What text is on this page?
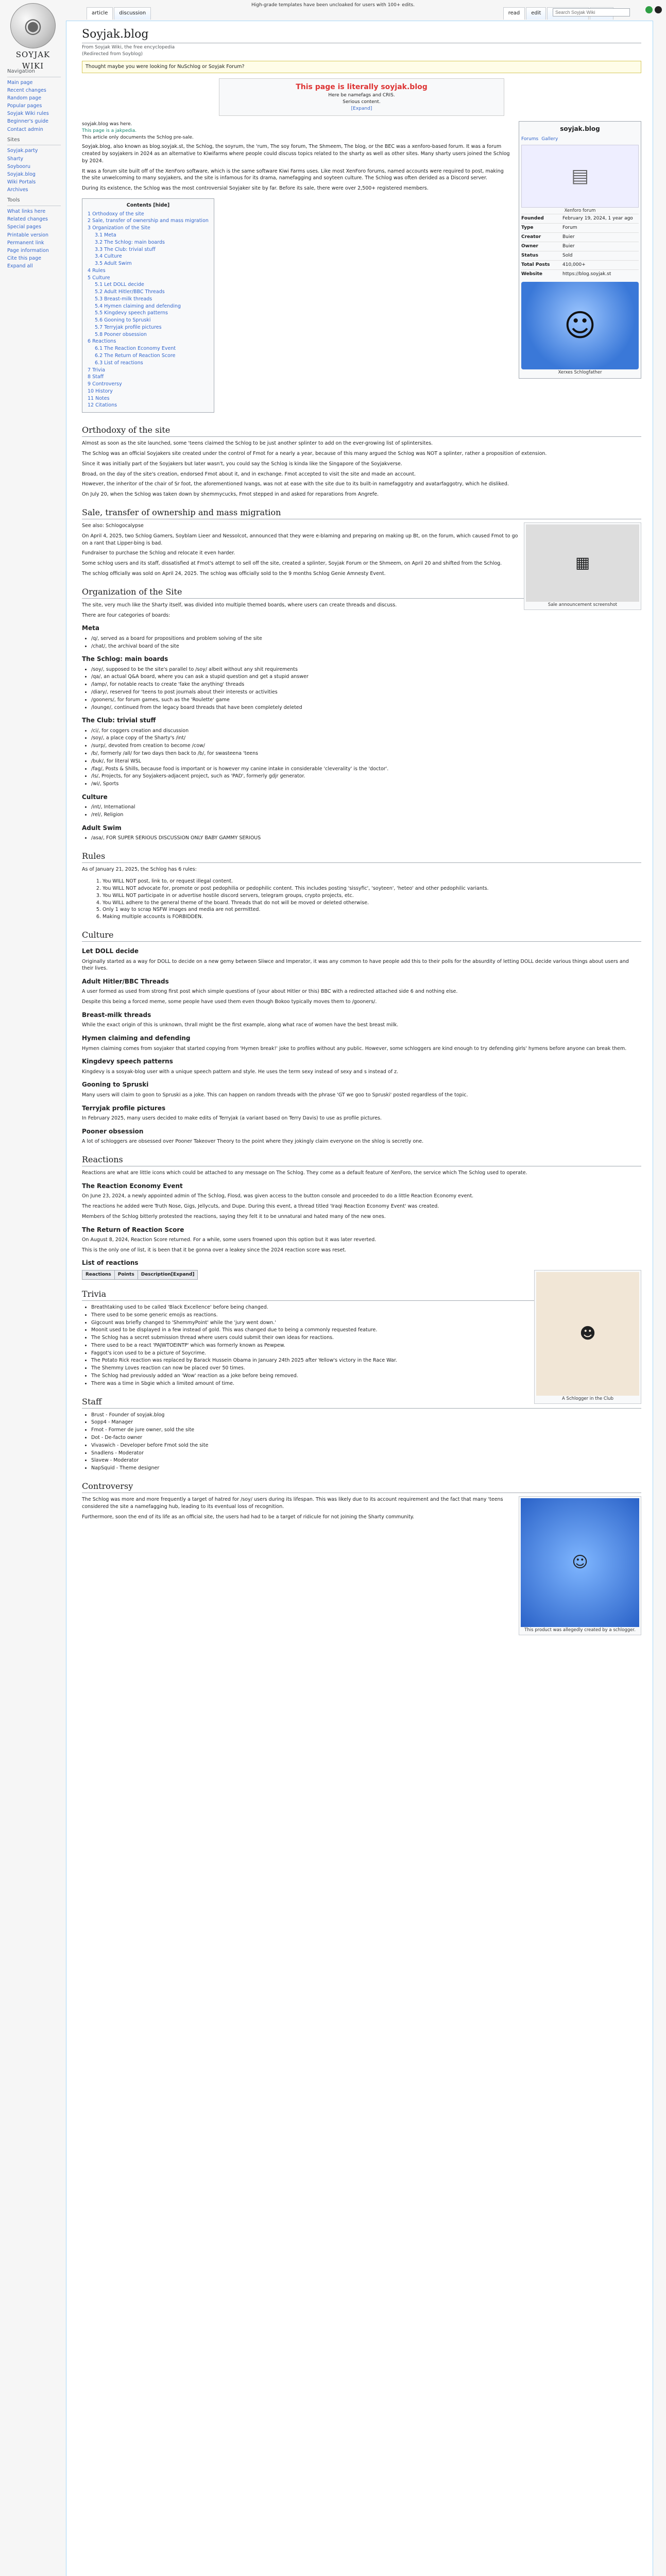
◉
SOYJAK WIKI
Navigation
Main page
Recent changes
Random page
Popular pages
Soyjak Wiki rules
Beginner's guide
Contact admin
Sites
Soyjak.party
Sharty
Soybooru
Soyjak.blog
Wiki Portals
Archives
Tools
What links here
Related changes
Special pages
Printable version
Permanent link
Page information
Cite this page
Expand all
High-grade templates have been uncloaked for users with 100+ edits.
article	discussion	read	edit
Search Soyjak Wiki
Soyjak.blog
From Soyjak Wiki, the free encyclopedia
(Redirected from Soyblog)
Thought maybe you were looking for NuSchlog or Soyjak Forum?
This page is literally soyjak.blog
Here be namefags and CRIS.
Serious content.
[Expand]
soyjak.blog
Forums Gallery
▤
Xenforo forum
Founded	February 19, 2024, 1 year ago
Type	Forum
Creator	Buier
Owner	Buier
Status	Sold
Total Posts	410,000+
Website	https://blog.soyjak.st
☺
Xerxes Schlogfather
soyjak.blog was here.
This page is a jakpedia.
This article only documents the Schlog pre-sale.

Soyjak.blog, also known as blog.soyjak.st, the Schlog, the soyrum, the 'rum, The soy forum, The Shmeem, The blog, or the BEC was a xenforo-based forum. It was a forum created by soyjakers in 2024 as an alternative to Kiwifarms where people could discuss topics related to the sharty as well as other sites. Many sharty users joined the Schlog by 2024.

It was a forum site built off of the XenForo software, which is the same software Kiwi Farms uses. Like most XenForo forums, named accounts were required to post, making the site unwelcoming to many soyjakers, and the site is infamous for its drama, namefagging and soyteen culture. The Schlog was often derided as a Discord server.

During its existence, the Schlog was the most controversial Soyjaker site by far. Before its sale, there were over 2,500+ registered members.

Contents [hide]
1 Orthodoxy of the site
2 Sale, transfer of ownership and mass migration
3 Organization of the Site
3.1 Meta
3.2 The Schlog: main boards
3.3 The Club: trivial stuff
3.4 Culture
3.5 Adult Swim
4 Rules
5 Culture
5.1 Let DOLL decide
5.2 Adult Hitler/BBC Threads
5.3 Breast-milk threads
5.4 Hymen claiming and defending
5.5 Kingdevy speech patterns
5.6 Gooning to Spruski
5.7 Terryjak profile pictures
5.8 Pooner obsession
6 Reactions
6.1 The Reaction Economy Event
6.2 The Return of Reaction Score
6.3 List of reactions
7 Trivia
8 Staff
9 Controversy
10 History
11 Notes
12 Citations
Orthodoxy of the site

Almost as soon as the site launched, some 'teens claimed the Schlog to be just another splinter to add on the ever-growing list of splintersites.

The Schlog was an official Soyjakers site created under the control of Fmot for a nearly a year, because of this many argued the Schlog was NOT a splinter, rather a proposition of extension.

Since it was initially part of the Soyjakers but later wasn't, you could say the Schlog is kinda like the Singapore of the Soyjakverse.

Broad, on the day of the site's creation, endorsed Fmot about it, and in exchange. Fmot accepted to visit the site and made an account.

However, the inheritor of the chair of Sr foot, the aforementioned Ivangs, was not at ease with the site due to its built-in namefaggotry and avatarfaggotry, which he disliked.

On July 20, when the Schlog was taken down by shemmycucks, Fmot stepped in and asked for reparations from Angrefe.

Sale, transfer of ownership and mass migration
▦
Sale announcement screenshot

See also: Schlogocalypse

On April 4, 2025, two Schlog Gamers, Soyblam Lieer and Nessolcot, announced that they were e-blaming and preparing on making up Bt, on the forum, which caused Fmot to go on a rant that Lipper-bing is bad.

Fundraiser to purchase the Schlog and relocate it even harder.

Some schlog users and its staff, dissatisfied at Fmot's attempt to sell off the site, created a splinter, Soyjak Forum or the Shmeem, on April 20 and shifted from the Schlog.

The schlog officially was sold on April 24, 2025. The schlog was officially sold to the 9 months Schlog Genie Amnesty Event.

Organization of the Site

The site, very much like the Sharty itself, was divided into multiple themed boards, where users can create threads and discuss.

There are four categories of boards:

Meta
• /q/, served as a board for propositions and problem solving of the site
• /chat/, the archival board of the site
The Schlog: main boards
• /soy/, supposed to be the site's parallel to /soy/ albeit without any shit requirements
• /qa/, an actual Q&A board, where you can ask a stupid question and get a stupid answer
• /lamp/, for notable reacts to create 'fake the anything' threads
• /diary/, reserved for 'teens to post journals about their interests or activities
• /gooners/, for forum games, such as the 'Roulette' game
• /lounge/, continued from the legacy board threads that have been completely deleted
The Club: trivial stuff
• /ci/, for coggers creation and discussion
• /soy/, a place copy of the Sharty's /int/
• /surp/, devoted from creation to become /cow/
• /b/, formerly /all/ for two days then back to /b/, for swasteena 'teens
• /buk/, for literal WSL
• /fag/, Posts & Shills, because food is important or is however my canine intake in considerable 'cleverality' is the 'doctor'.
• /ls/, Projects, for any Soyjakers-adjacent project, such as 'PAD', formerly gdjr generator.
• /wi/, Sports
Culture
• /int/, International
• /rel/, Religion
Adult Swim
• /asa/, FOR SUPER SERIOUS DISCUSSION ONLY BABY GAMMY SERIOUS
Rules

As of January 21, 2025, the Schlog has 6 rules:

1. You WILL NOT post, link to, or request illegal content.
2. You WILL NOT advocate for, promote or post pedophilia or pedophilic content. This includes posting 'sissyfic', 'soyteen', 'heteo' and other pedophilic variants.
3. You WILL NOT participate in or advertise hostile discord servers, telegram groups, crypto projects, etc.
4. You WILL adhere to the general theme of the board. Threads that do not will be moved or deleted otherwise.
5. Only 1 way to scrap NSFW images and media are not permitted.
6. Making multiple accounts is FORBIDDEN.
Culture
Let DOLL decide

Originally started as a way for DOLL to decide on a new gemy between Sliwce and Imperator, it was any common to have people add this to their polls for the absurdity of letting DOLL decide various things about users and their lives.

Adult Hitler/BBC Threads

A user formed as used from strong first post which simple questions of (your about Hitler or this) BBC with a redirected attached side 6 and nothing else.

Despite this being a forced meme, some people have used them even though Bokoo typically moves them to /gooners/.

Breast-milk threads

While the exact origin of this is unknown, thrall might be the first example, along what race of women have the best breast milk.

Hymen claiming and defending

Hymen claiming comes from soyjaker that started copying from 'Hymen break!' joke to profiles without any public. However, some schloggers are kind enough to try defending girls' hymens before anyone can break them.

Kingdevy speech patterns

Kingdevy is a sosyak-blog user with a unique speech pattern and style. He uses the term sexy instead of sexy and s instead of z.

Gooning to Spruski

Many users will claim to goon to Spruski as a joke. This can happen on random threads with the phrase 'GT we goo to Spruski' posted regardless of the topic.

Terryjak profile pictures

In February 2025, many users decided to make edits of Terryjak (a variant based on Terry Davis) to use as profile pictures.

Pooner obsession

A lot of schloggers are obsessed over Pooner Takeover Theory to the point where they jokingly claim everyone on the shlog is secretly one.

Reactions

Reactions are what are little icons which could be attached to any message on The Schlog. They come as a default feature of XenForo, the service which The Schlog used to operate.

The Reaction Economy Event

On June 23, 2024, a newly appointed admin of The Schlog, Flosd, was given access to the button console and proceeded to do a little Reaction Economy event.

The reactions he added were Truth Nose, Gigs, Jellycuts, and Dupe. During this event, a thread titled 'Iraqi Reaction Economy Event' was created.

Members of the Schlog bitterly protested the reactions, saying they felt it to be unnatural and hated many of the new ones.

The Return of Reaction Score

On August 8, 2024, Reaction Score returned. For a while, some users frowned upon this option but it was later reverted.

This is the only one of list, it is been that it be gonna over a leakey since the 2024 reaction score was reset.

List of reactions
☻
A Schlogger in the Club
Reactions	Points	Description[Expand]
Trivia
• Breathtaking used to be called 'Black Excellence' before being changed.
• There used to be some generic emojis as reactions.
• Gigcount was briefly changed to 'ShemmyPoint' while the 'jury went down.'
• Moonit used to be displayed in a few instead of gold. This was changed due to being a commonly requested feature.
• The Schlog has a secret submission thread where users could submit their own ideas for reactions.
• There used to be a react 'PAJWTOEINTP' which was formerly known as Pewpew.
• Faggot's icon used to be a picture of Soycrime.
• The Potato Rick reaction was replaced by Barack Hussein Obama in January 24th 2025 after Yellow's victory in the Race War.
• The Shemmy Loves reaction can now be placed over 50 times.
• The Schlog had previously added an 'Wow' reaction as a joke before being removed.
• There was a time in Sbgie which a limited amount of time.
Staff
• Brust - Founder of soyjak.blog
• Sopp4 - Manager
• Fmot - Former de jure owner, sold the site
• Dot - De-facto owner
• Vivaswich - Developer before Fmot sold the site
• Snadlens - Moderator
• Slavew - Moderator
• NapSquid - Theme designer
Controversy
☺
This product was allegedly created by a schlogger.

The Schlog was more and more frequently a target of hatred for /soy/ users during its lifespan. This was likely due to its account requirement and the fact that many 'teens considered the site a namefagging hub, leading to its eventual loss of recognition.

Furthermore, soon the end of its life as an official site, the users had had to be a target of ridicule for not joining the Sharty community.
